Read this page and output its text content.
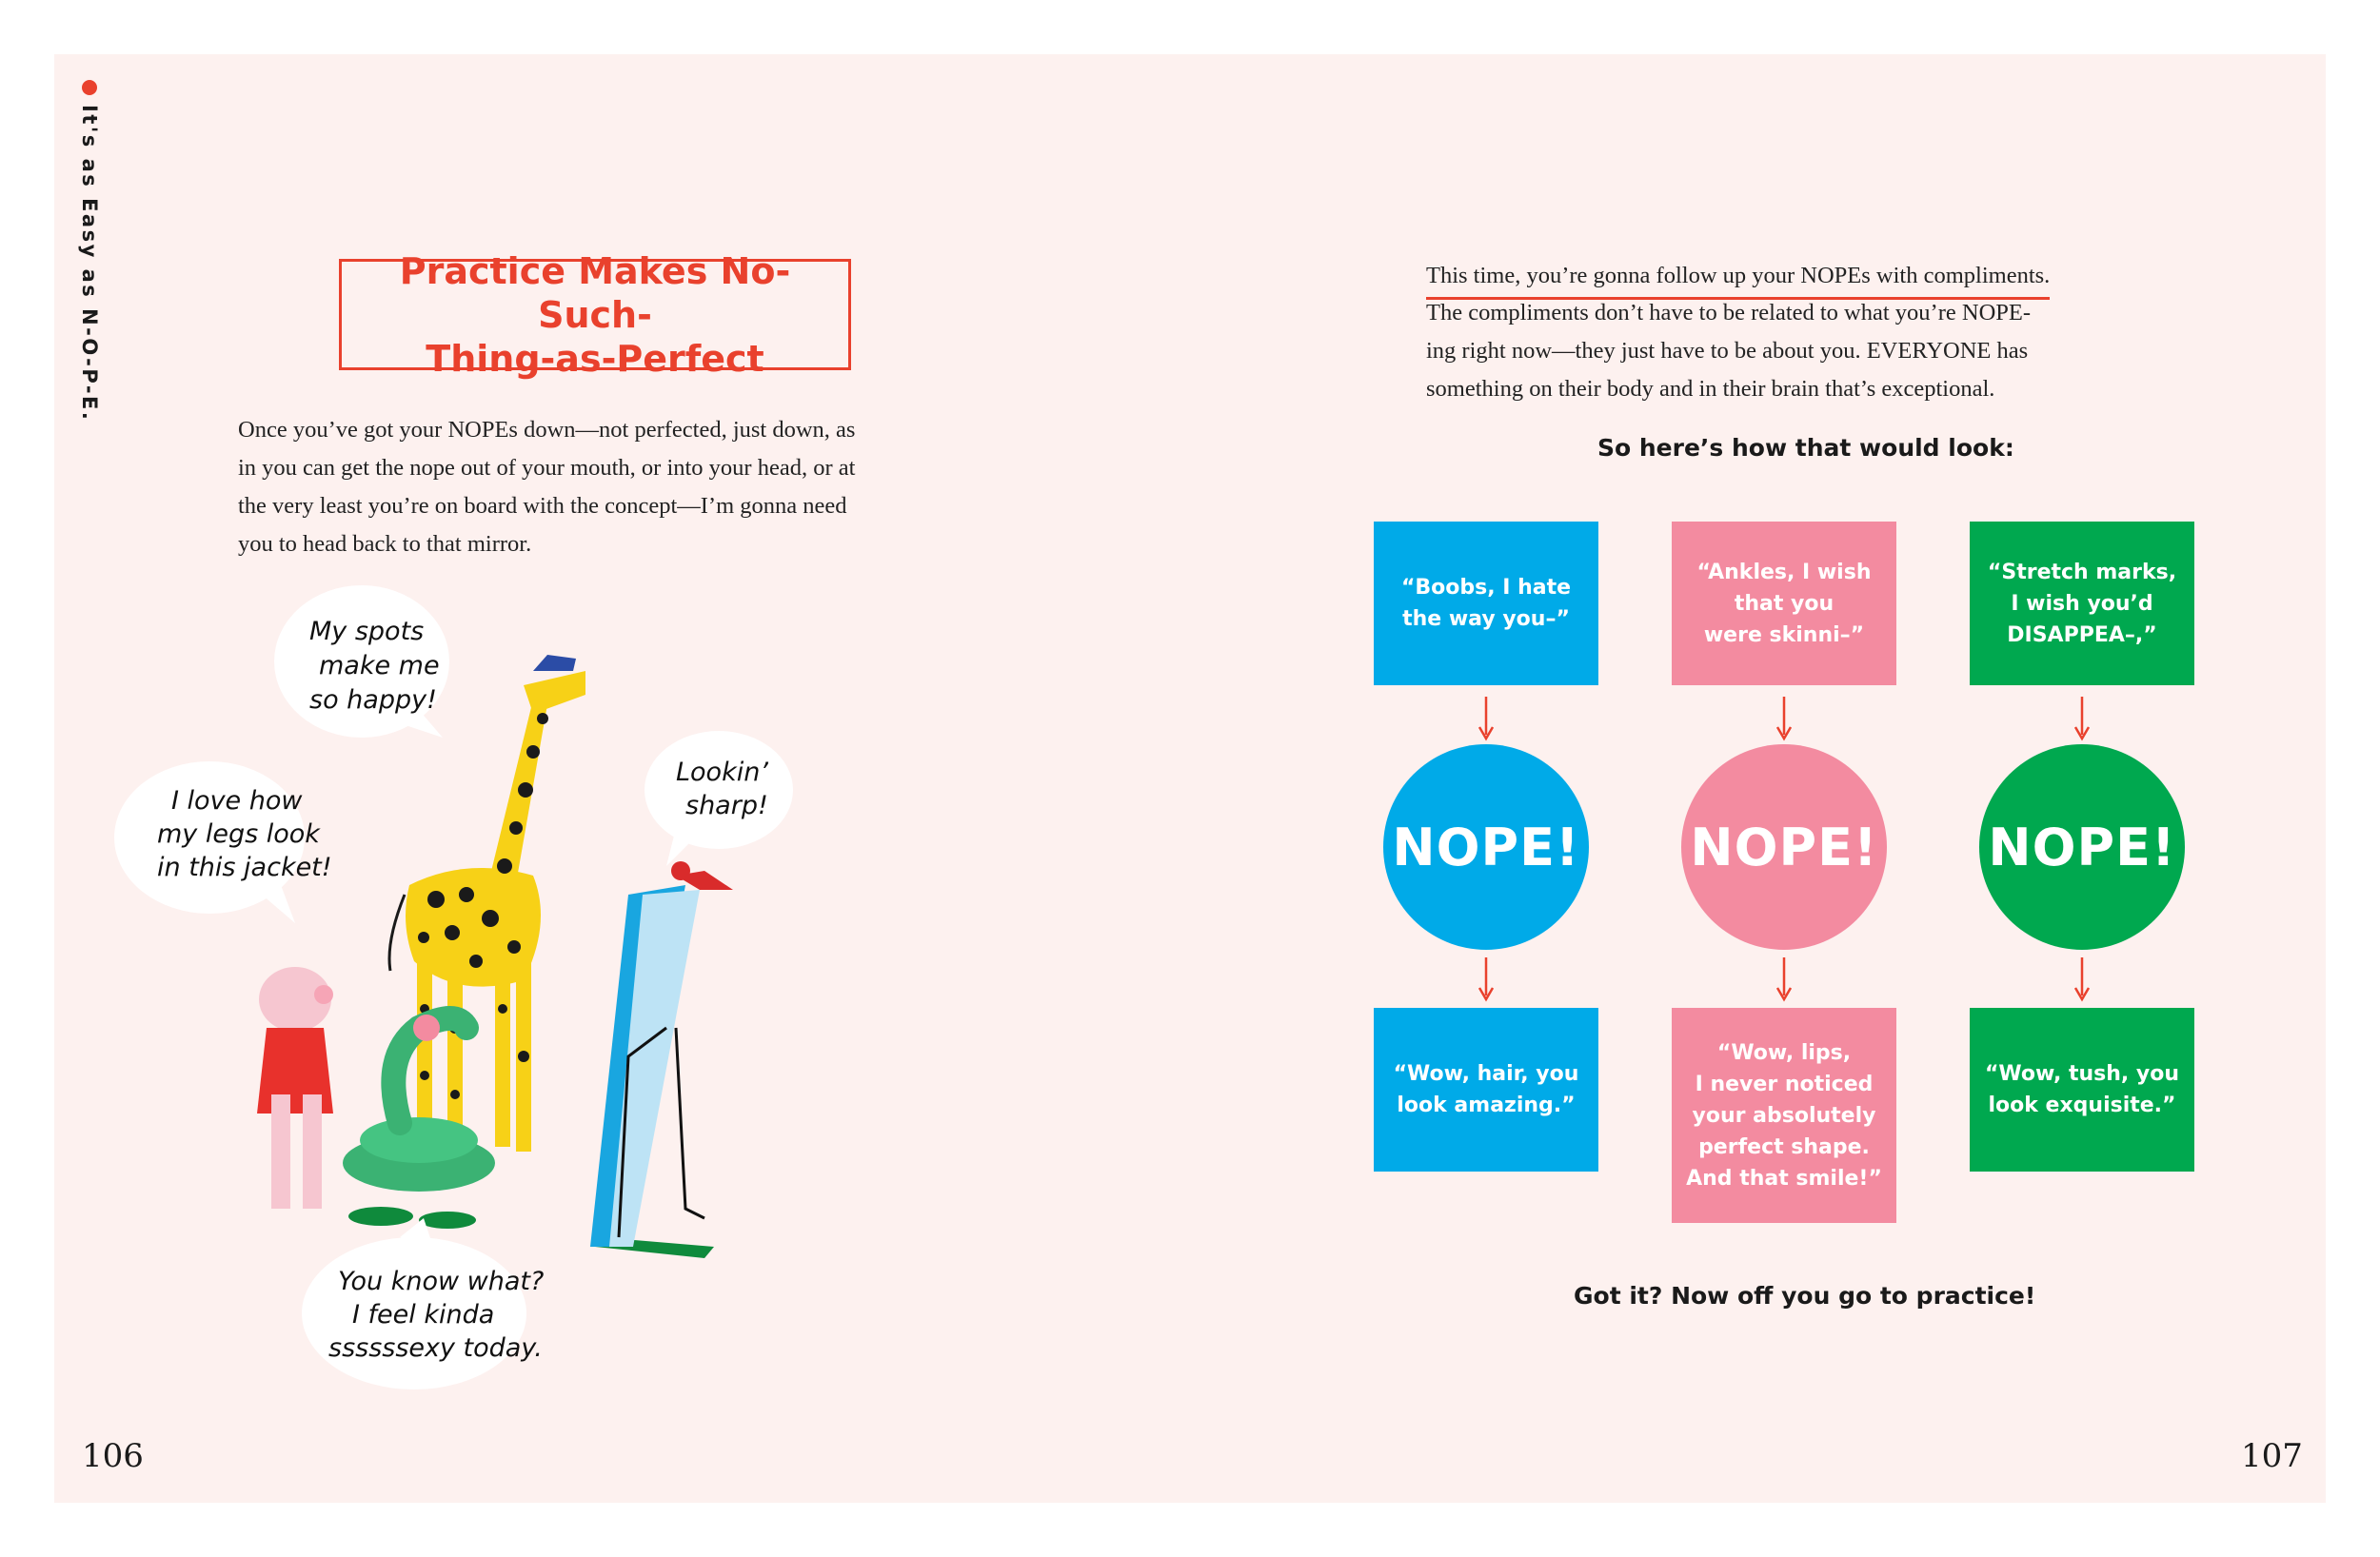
It's as Easy as N-O-P-E.
106	107
Practice Makes No-Such-
Thing-as-Perfect
Once you’ve got your NOPEs down—not perfected, just down, as
in you can get the nope out of your mouth, or into your head, or at
the very least you’re on board with the concept—I’m gonna need
you to head back to that mirror.
My spots
make me
so happy!
I love how
my legs look
in this jacket!
Lookin’
sharp!
You know what?
I feel kinda
ssssssexy today.
This time, you’re gonna follow up your NOPEs with compliments.
The compliments don’t have to be related to what you’re NOPE-
ing right now—they just have to be about you. EVERYONE has
something on their body and in their brain that’s exceptional.
So here’s how that would look:
“Boobs, I hate
the way you–”
NOPE!
“Wow, hair, you
look amazing.”
“Ankles, I wish
that you
were skinni–”
NOPE!
“Wow, lips,
I never noticed
your absolutely
perfect shape.
And that smile!”
“Stretch marks,
I wish you’d
DISAPPEA–,”
NOPE!
“Wow, tush, you
look exquisite.”
Got it? Now off you go to practice!
